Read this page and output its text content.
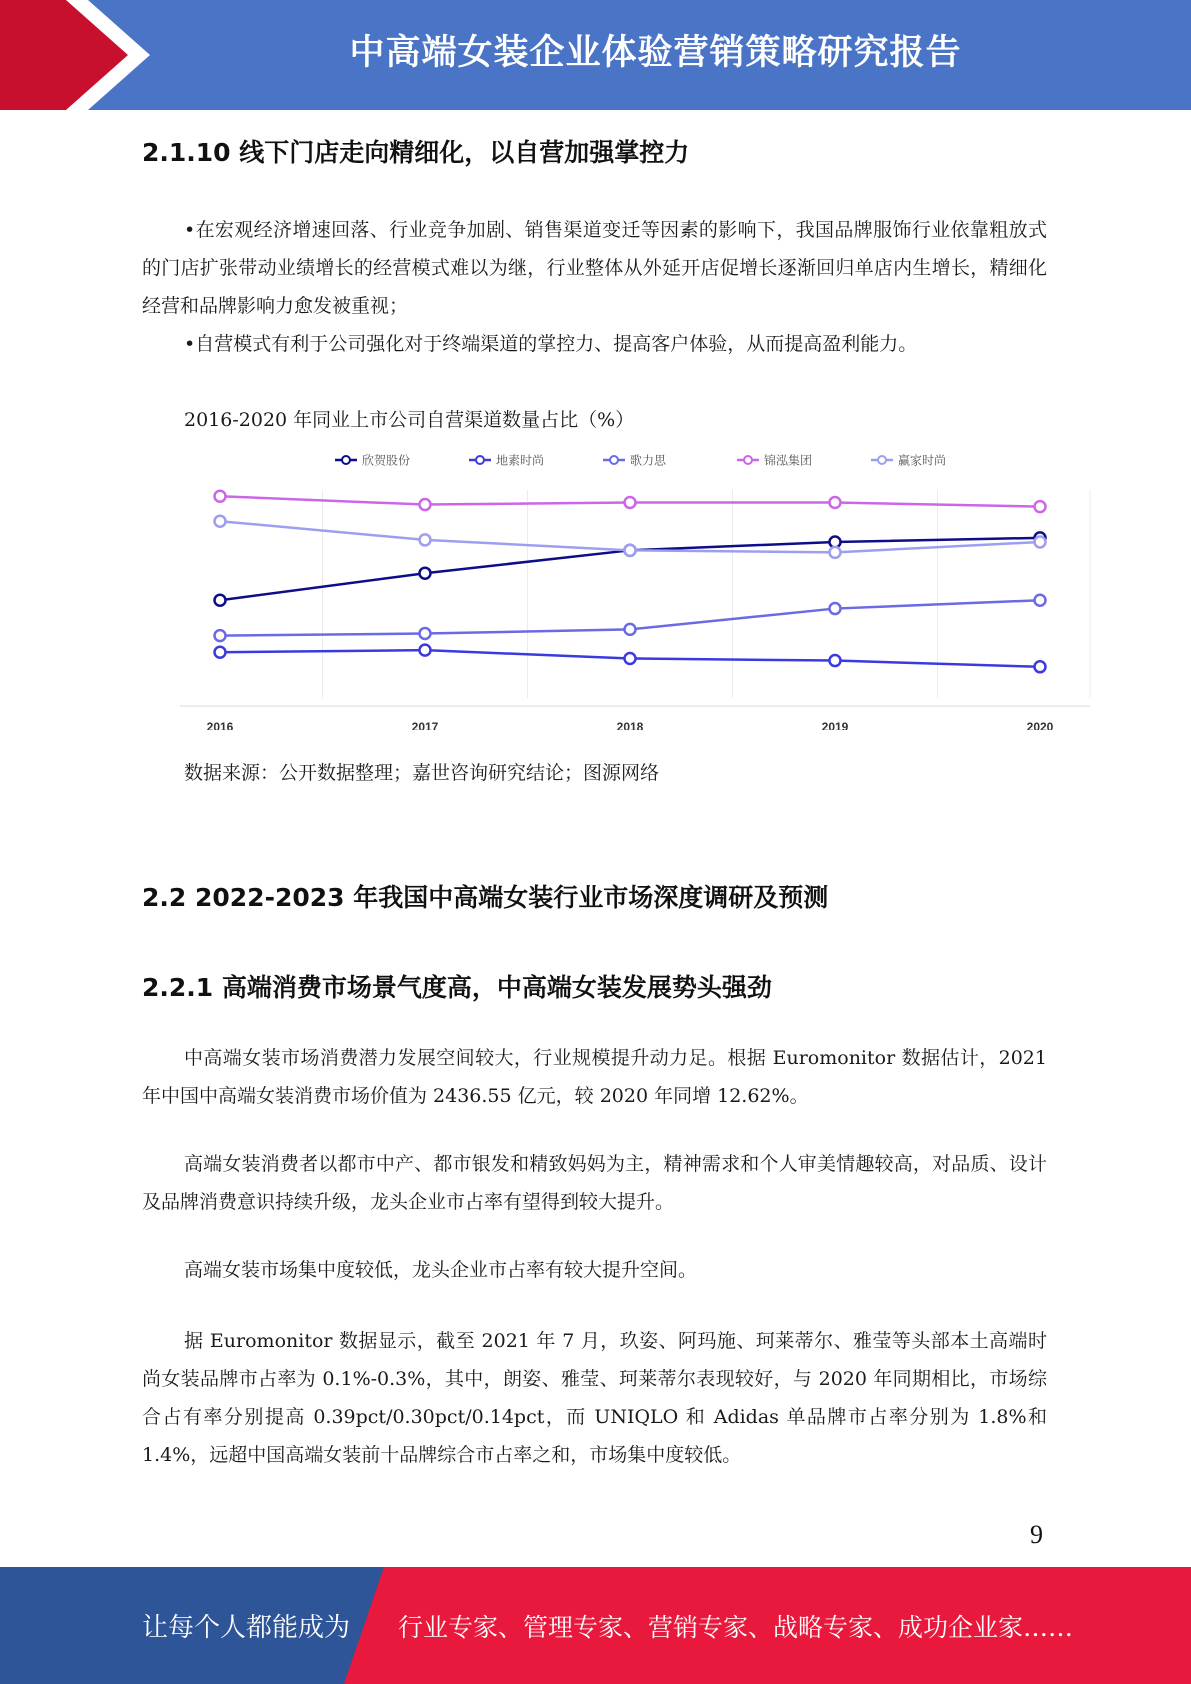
中高端女装企业体验营销策略研究报告
2.1.10 线下门店走向精细化，以自营加强掌控力

•在宏观经济增速回落、行业竞争加剧、销售渠道变迁等因素的影响下，我国品牌服饰行业依靠粗放式的门店扩张带动业绩增长的经营模式难以为继，行业整体从外延开店促增长逐渐回归单店内生增长，精细化经营和品牌影响力愈发被重视；

•自营模式有利于公司强化对于终端渠道的掌控力、提高客户体验，从而提高盈利能力。

2016-2020 年同业上市公司自营渠道数量占比（%）

2016	2017	2018	2019	2020
欣贺股份	地素时尚	歌力思	锦泓集团	赢家时尚

数据来源：公开数据整理；嘉世咨询研究结论；图源网络

2.2 2022-2023 年我国中高端女装行业市场深度调研及预测
2.2.1 高端消费市场景气度高，中高端女装发展势头强劲

中高端女装市场消费潜力发展空间较大，行业规模提升动力足。根据 Euromonitor 数据估计，2021 年中国中高端女装消费市场价值为 2436.55 亿元，较 2020 年同增 12.62%。

高端女装消费者以都市中产、都市银发和精致妈妈为主，精神需求和个人审美情趣较高，对品质、设计及品牌消费意识持续升级，龙头企业市占率有望得到较大提升。

高端女装市场集中度较低，龙头企业市占率有较大提升空间。

据 Euromonitor 数据显示，截至 2021 年 7 月，玖姿、阿玛施、珂莱蒂尔、雅莹等头部本土高端时尚女装品牌市占率为 0.1%-0.3%，其中，朗姿、雅莹、珂莱蒂尔表现较好，与 2020 年同期相比，市场综合占有率分别提高 0.39pct/0.30pct/0.14pct，而 UNIQLO 和 Adidas 单品牌市占率分别为 1.8%和 1.4%，远超中国高端女装前十品牌综合市占率之和，市场集中度较低。

9
让每个人都能成为 行业专家、管理专家、营销专家、战略专家、成功企业家……
